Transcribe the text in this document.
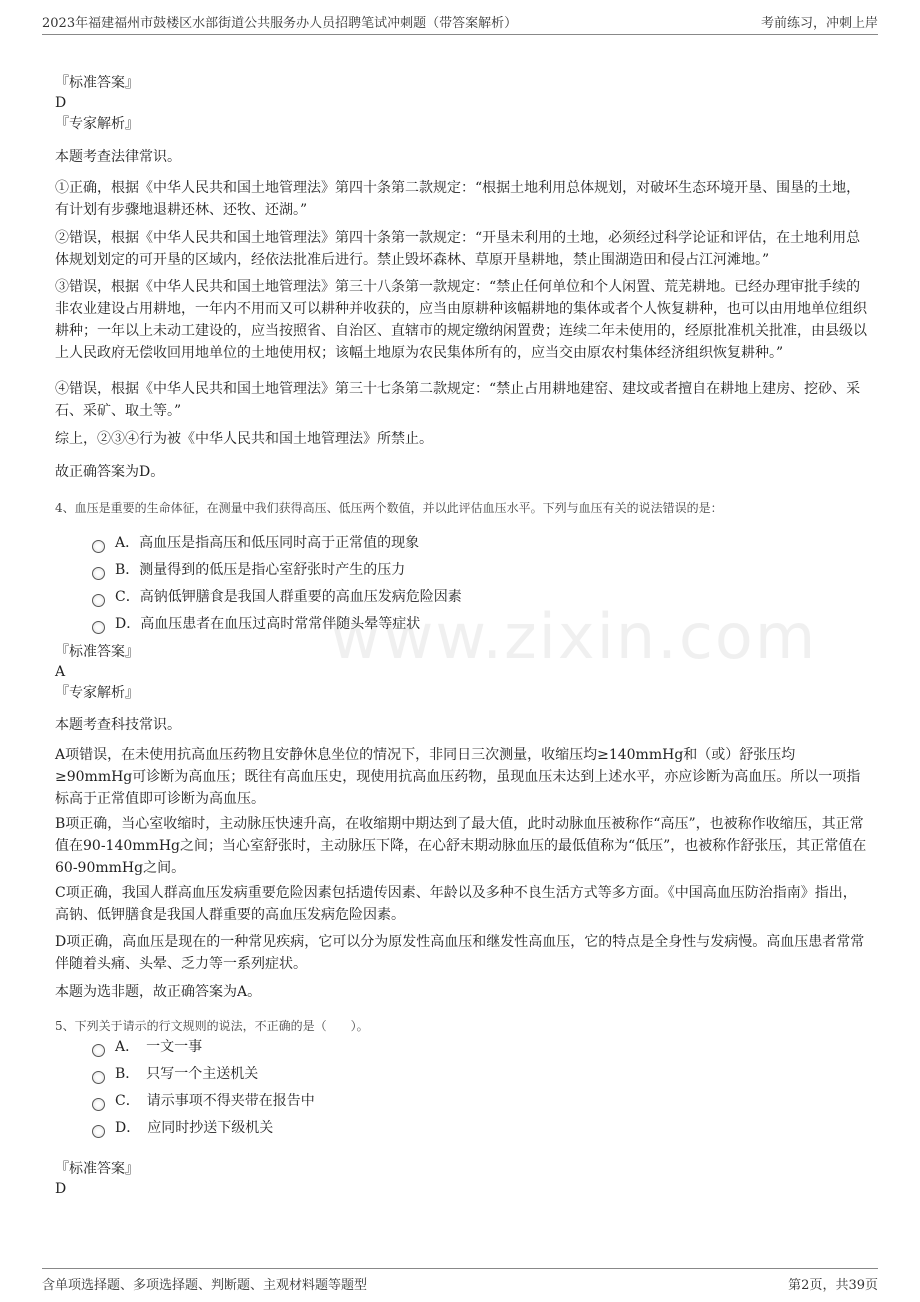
2023年福建福州市鼓楼区水部街道公共服务办人员招聘笔试冲刺题（带答案解析）	考前练习，冲刺上岸
www.zixin.com
『标准答案』
D
『专家解析』
本题考查法律常识。
①正确，根据《中华人民共和国土地管理法》第四十条第二款规定：“根据土地利用总体规划，对破坏生态环境开垦、围垦的土地，有计划有步骤地退耕还林、还牧、还湖。”
②错误，根据《中华人民共和国土地管理法》第四十条第一款规定：“开垦未利用的土地，必须经过科学论证和评估，在土地利用总体规划划定的可开垦的区域内，经依法批准后进行。禁止毁坏森林、草原开垦耕地，禁止围湖造田和侵占江河滩地。”
③错误，根据《中华人民共和国土地管理法》第三十八条第一款规定：“禁止任何单位和个人闲置、荒芜耕地。已经办理审批手续的非农业建设占用耕地，一年内不用而又可以耕种并收获的，应当由原耕种该幅耕地的集体或者个人恢复耕种，也可以由用地单位组织耕种；一年以上未动工建设的，应当按照省、自治区、直辖市的规定缴纳闲置费；连续二年未使用的，经原批准机关批准，由县级以上人民政府无偿收回用地单位的土地使用权；该幅土地原为农民集体所有的，应当交由原农村集体经济组织恢复耕种。”
④错误，根据《中华人民共和国土地管理法》第三十七条第二款规定：“禁止占用耕地建窑、建坟或者擅自在耕地上建房、挖砂、采石、采矿、取土等。”
综上，②③④行为被《中华人民共和国土地管理法》所禁止。
故正确答案为D。
4、血压是重要的生命体征，在测量中我们获得高压、低压两个数值，并以此评估血压水平。下列与血压有关的说法错误的是：
A．高血压是指高压和低压同时高于正常值的现象
B．测量得到的低压是指心室舒张时产生的压力
C．高钠低钾膳食是我国人群重要的高血压发病危险因素
D．高血压患者在血压过高时常常伴随头晕等症状
『标准答案』
A
『专家解析』
本题考查科技常识。
A项错误，在未使用抗高血压药物且安静休息坐位的情况下，非同日三次测量，收缩压均≥140mmHg和（或）舒张压均≥90mmHg可诊断为高血压；既往有高血压史，现使用抗高血压药物，虽现血压未达到上述水平，亦应诊断为高血压。所以一项指标高于正常值即可诊断为高血压。
B项正确，当心室收缩时，主动脉压快速升高，在收缩期中期达到了最大值，此时动脉血压被称作“高压”，也被称作收缩压，其正常值在90-140mmHg之间；当心室舒张时，主动脉压下降，在心舒末期动脉血压的最低值称为“低压”，也被称作舒张压，其正常值在60-90mmHg之间。
C项正确，我国人群高血压发病重要危险因素包括遗传因素、年龄以及多种不良生活方式等多方面。《中国高血压防治指南》指出，高钠、低钾膳食是我国人群重要的高血压发病危险因素。
D项正确，高血压是现在的一种常见疾病，它可以分为原发性高血压和继发性高血压，它的特点是全身性与发病慢。高血压患者常常伴随着头痛、头晕、乏力等一系列症状。
本题为选非题，故正确答案为A。
5、下列关于请示的行文规则的说法，不正确的是（　　）。
A．　一文一事
B．　只写一个主送机关
C．　请示事项不得夹带在报告中
D．　应同时抄送下级机关
『标准答案』
D
含单项选择题、多项选择题、判断题、主观材料题等题型	第2页，共39页
